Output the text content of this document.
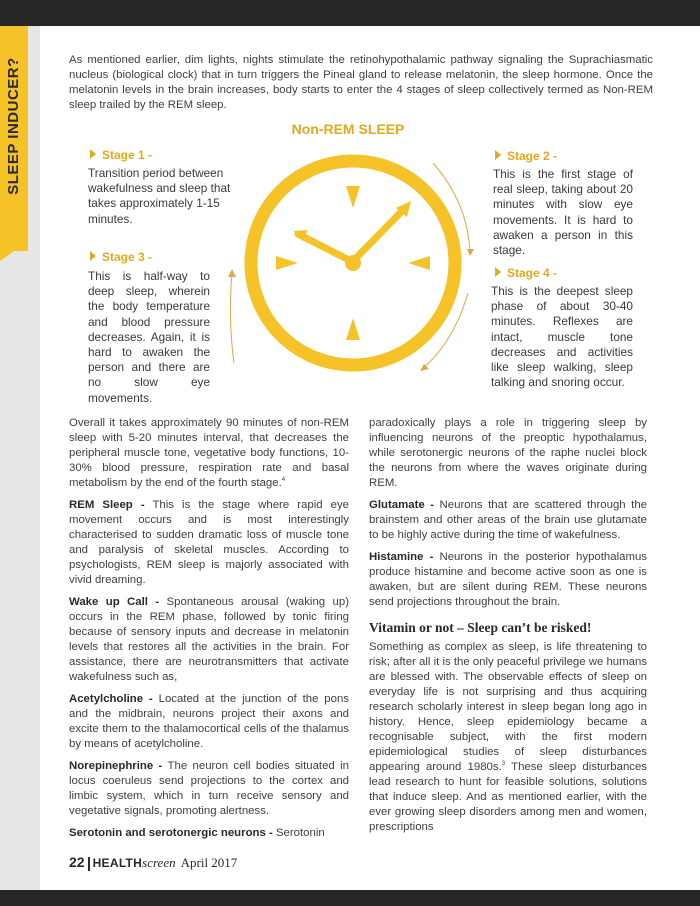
SLEEP INDUCER?	As mentioned earlier, dim lights, nights stimulate the retinohypothalamic pathway signaling the Suprachiasmatic nucleus (biological clock) that in turn triggers the Pineal gland to release melatonin, the sleep hormone. Once the melatonin levels in the brain increases, body starts to enter the 4 stages of sleep collectively termed as Non-REM sleep trailed by the REM sleep.
Non-REM SLEEP
Stage 1 -
Transition period between wakefulness and sleep that takes approximately 1-15 minutes.
Stage 3 -
This is half-way to deep sleep, wherein the body temperature and blood pressure decreases. Again, it is hard to awaken the person and there are no slow eye movements.
Stage 2 -
This is the first stage of real sleep, taking about 20 minutes with slow eye movements. It is hard to awaken a person in this stage.
Stage 4 -
This is the deepest sleep phase of about 30-40 minutes. Reflexes are intact, muscle tone decreases and activities like sleep walking, sleep talking and snoring occur.

Overall it takes approximately 90 minutes of non-REM sleep with 5-20 minutes interval, that decreases the peripheral muscle tone, vegetative body functions, 10-30% blood pressure, respiration rate and basal metabolism by the end of the fourth stage.$^4$

REM Sleep - This is the stage where rapid eye movement occurs and is most interestingly characterised to sudden dramatic loss of muscle tone and paralysis of skeletal muscles. According to psychologists, REM sleep is majorly associated with vivid dreaming.

Wake up Call - Spontaneous arousal (waking up) occurs in the REM phase, followed by tonic firing because of sensory inputs and decrease in melatonin levels that restores all the activities in the brain. For assistance, there are neurotransmitters that activate wakefulness such as,

Acetylcholine - Located at the junction of the pons and the midbrain, neurons project their axons and excite them to the thalamocortical cells of the thalamus by means of acetylcholine.

Norepinephrine - The neuron cell bodies situated in locus coeruleus send projections to the cortex and limbic system, which in turn receive sensory and vegetative signals, promoting alertness.

Serotonin and serotonergic neurons - Serotonin

paradoxically plays a role in triggering sleep by influencing neurons of the preoptic hypothalamus, while serotonergic neurons of the raphe nuclei block the neurons from where the waves originate during REM.

Glutamate - Neurons that are scattered through the brainstem and other areas of the brain use glutamate to be highly active during the time of wakefulness.

Histamine - Neurons in the posterior hypothalamus produce histamine and become active soon as one is awaken, but are silent during REM. These neurons send projections throughout the brain.

Vitamin or not – Sleep can’t be risked!

Something as complex as sleep, is life threatening to risk; after all it is the only peaceful privilege we humans are blessed with. The observable effects of sleep on everyday life is not surprising and thus acquiring research scholarly interest in sleep began long ago in history. Hence, sleep epidemiology became a recognisable subject, with the first modern epidemiological studies of sleep disturbances appearing around 1980s.$^3$ These sleep disturbances lead research to hunt for feasible solutions, solutions that induce sleep. And as mentioned earlier, with the ever growing sleep disorders among men and women, prescriptions

22 HEALTH screen April 2017
